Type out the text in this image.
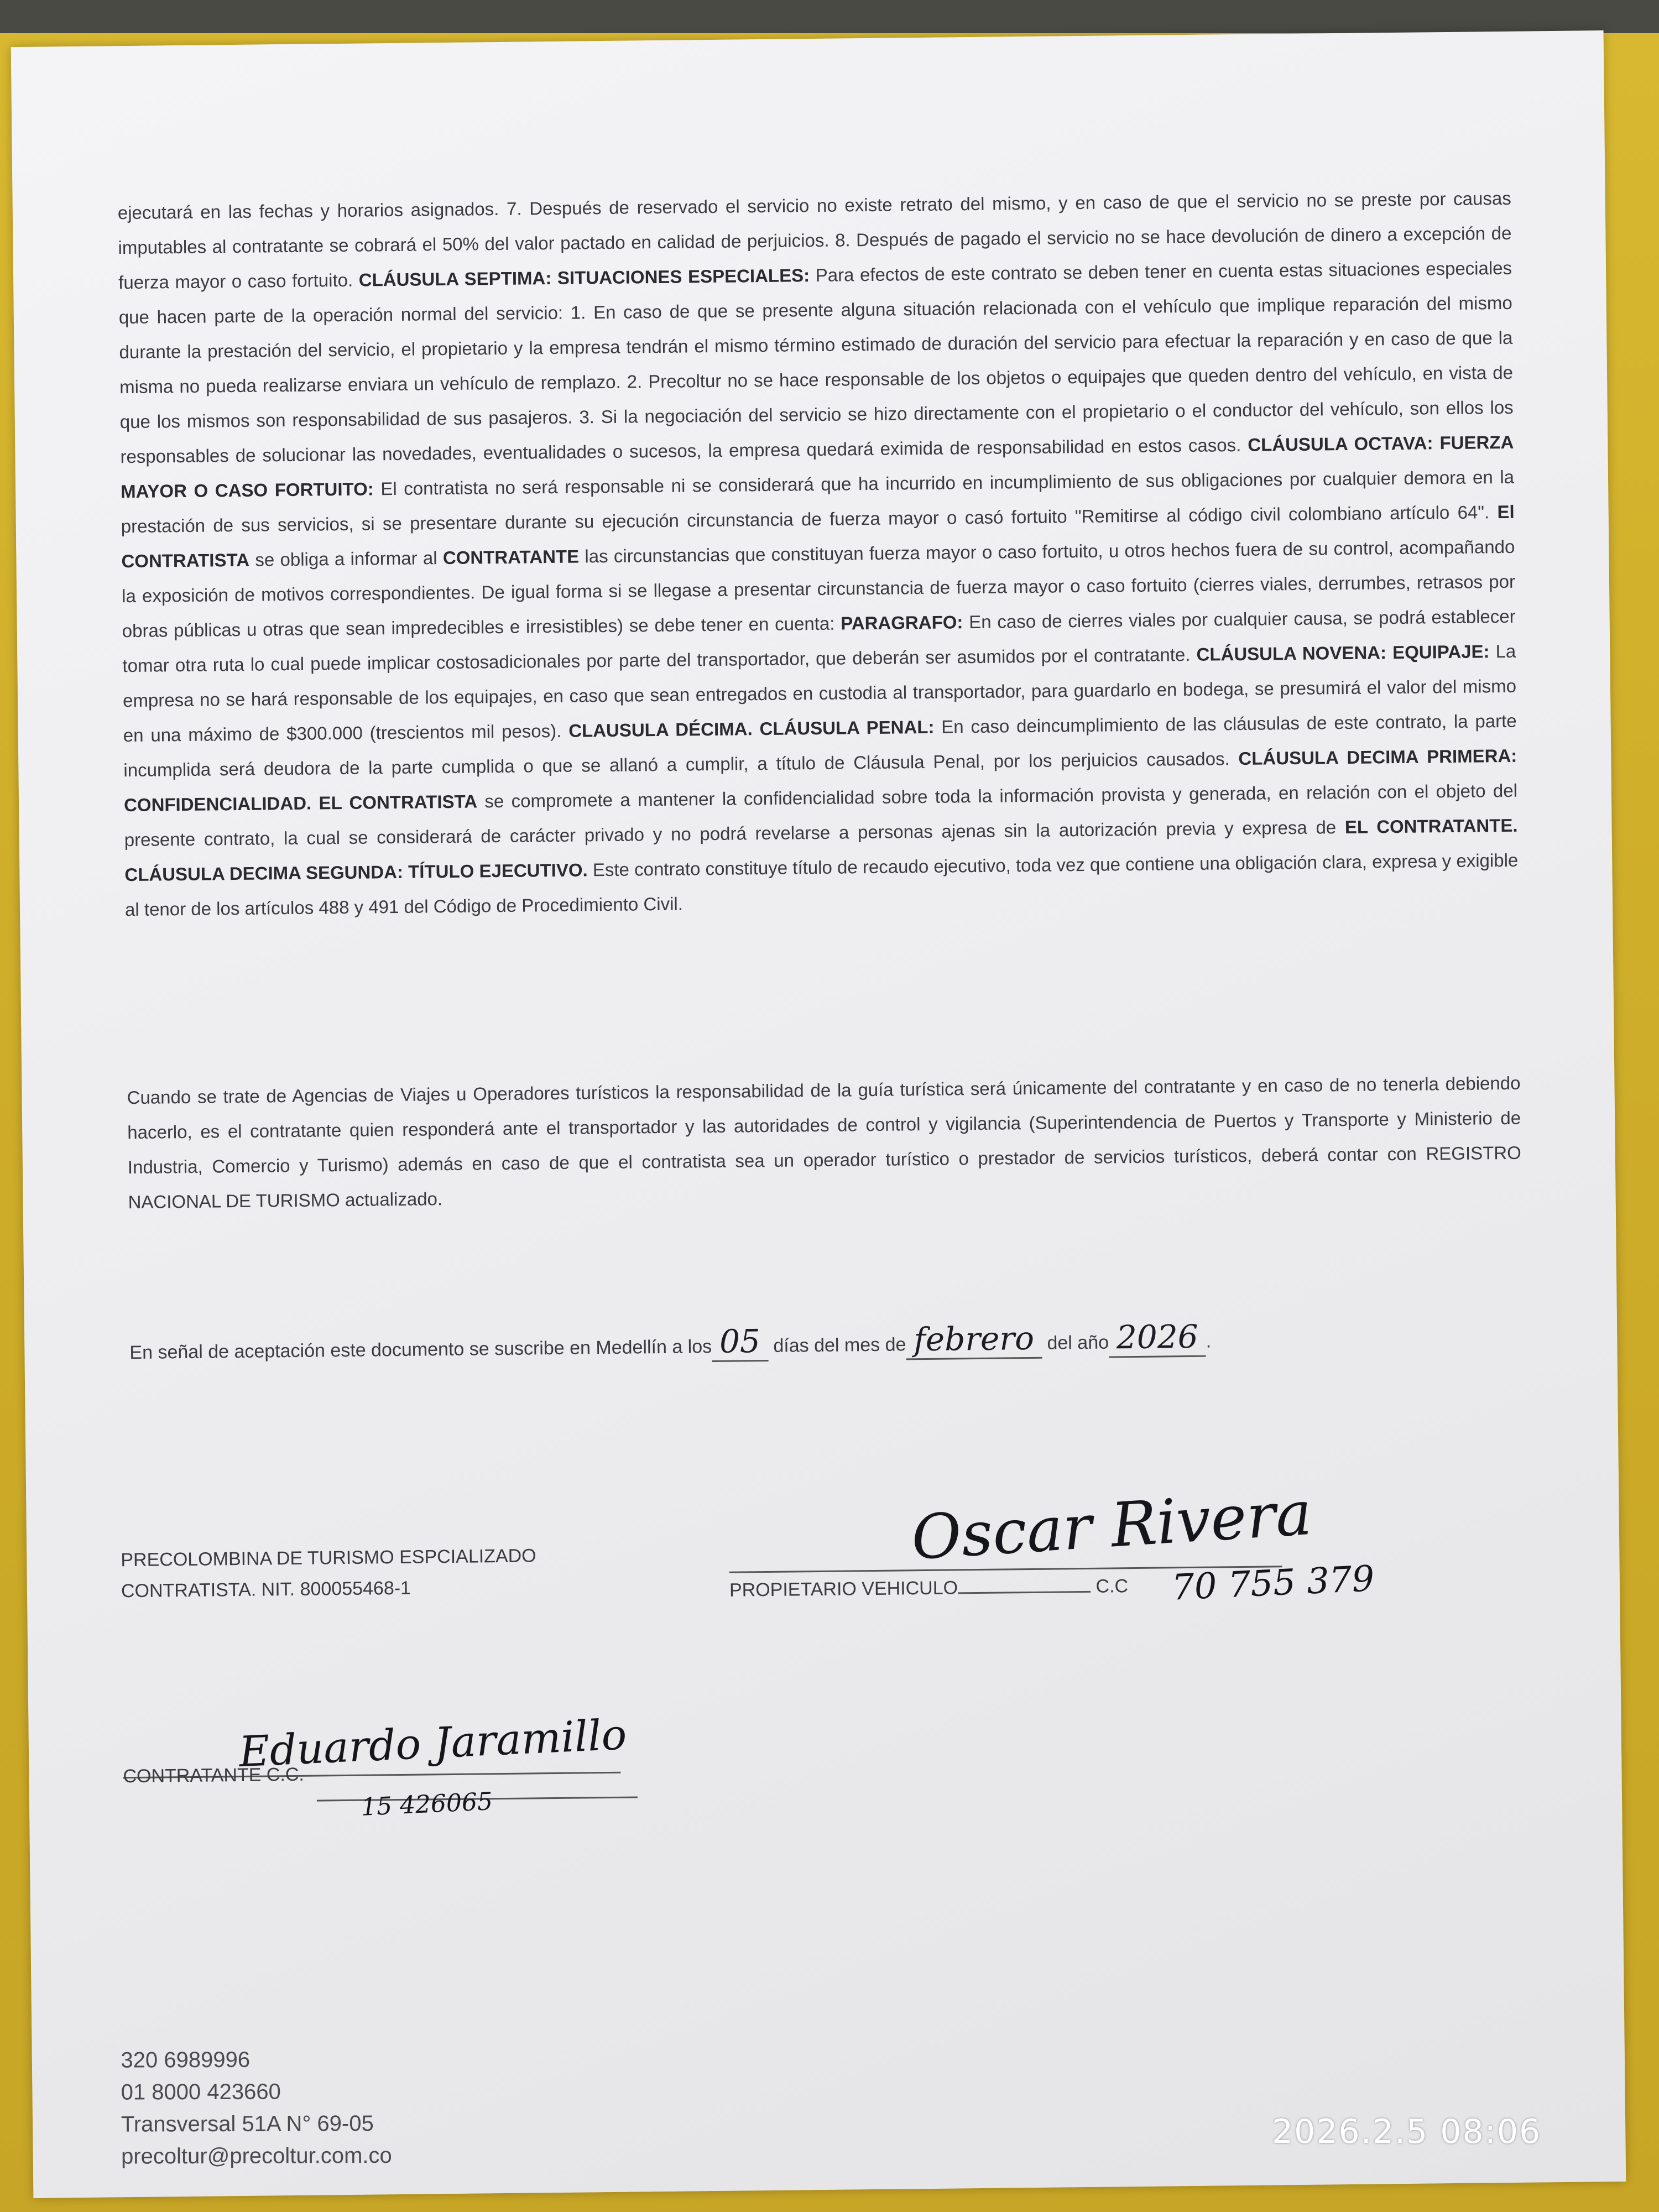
ejecutará en las fechas y horarios asignados. 7. Después de reservado el servicio no existe retrato del mismo, y en caso de que el servicio no se preste por causas imputables al contratante se cobrará el 50% del valor pactado en calidad de perjuicios. 8. Después de pagado el servicio no se hace devolución de dinero a excepción de fuerza mayor o caso fortuito. CLÁUSULA SEPTIMA: SITUACIONES ESPECIALES: Para efectos de este contrato se deben tener en cuenta estas situaciones especiales que hacen parte de la operación normal del servicio: 1. En caso de que se presente alguna situación relacionada con el vehículo que implique reparación del mismo durante la prestación del servicio, el propietario y la empresa tendrán el mismo término estimado de duración del servicio para efectuar la reparación y en caso de que la misma no pueda realizarse enviara un vehículo de remplazo. 2. Precoltur no se hace responsable de los objetos o equipajes que queden dentro del vehículo, en vista de que los mismos son responsabilidad de sus pasajeros. 3. Si la negociación del servicio se hizo directamente con el propietario o el conductor del vehículo, son ellos los responsables de solucionar las novedades, eventualidades o sucesos, la empresa quedará eximida de responsabilidad en estos casos. CLÁUSULA OCTAVA: FUERZA MAYOR O CASO FORTUITO: El contratista no será responsable ni se considerará que ha incurrido en incumplimiento de sus obligaciones por cualquier demora en la prestación de sus servicios, si se presentare durante su ejecución circunstancia de fuerza mayor o casó fortuito "Remitirse al código civil colombiano artículo 64". El CONTRATISTA se obliga a informar al CONTRATANTE las circunstancias que constituyan fuerza mayor o caso fortuito, u otros hechos fuera de su control, acompañando la exposición de motivos correspondientes. De igual forma si se llegase a presentar circunstancia de fuerza mayor o caso fortuito (cierres viales, derrumbes, retrasos por obras públicas u otras que sean impredecibles e irresistibles) se debe tener en cuenta: PARAGRAFO: En caso de cierres viales por cualquier causa, se podrá establecer tomar otra ruta lo cual puede implicar costosadicionales por parte del transportador, que deberán ser asumidos por el contratante. CLÁUSULA NOVENA: EQUIPAJE: La empresa no se hará responsable de los equipajes, en caso que sean entregados en custodia al transportador, para guardarlo en bodega, se presumirá el valor del mismo en una máximo de $300.000 (trescientos mil pesos). CLAUSULA DÉCIMA. CLÁUSULA PENAL: En caso deincumplimiento de las cláusulas de este contrato, la parte incumplida será deudora de la parte cumplida o que se allanó a cumplir, a título de Cláusula Penal, por los perjuicios causados. CLÁUSULA DECIMA PRIMERA: CONFIDENCIALIDAD. EL CONTRATISTA se compromete a mantener la confidencialidad sobre toda la información provista y generada, en relación con el objeto del presente contrato, la cual se considerará de carácter privado y no podrá revelarse a personas ajenas sin la autorización previa y expresa de EL CONTRATANTE. CLÁUSULA DECIMA SEGUNDA: TÍTULO EJECUTIVO. Este contrato constituye título de recaudo ejecutivo, toda vez que contiene una obligación clara, expresa y exigible al tenor de los artículos 488 y 491 del Código de Procedimiento Civil.
Cuando se trate de Agencias de Viajes u Operadores turísticos la responsabilidad de la guía turística será únicamente del contratante y en caso de no tenerla debiendo hacerlo, es el contratante quien responderá ante el transportador y las autoridades de control y vigilancia (Superintendencia de Puertos y Transporte y Ministerio de Industria, Comercio y Turismo) además en caso de que el contratista sea un operador turístico o prestador de servicios turísticos, deberá contar con REGISTRO NACIONAL DE TURISMO actualizado.
En señal de aceptación este documento se suscribe en Medellín a los 05 días del mes de febrero del año 2026 .
PRECOLOMBINA DE TURISMO ESPCIALIZADO
CONTRATISTA. NIT. 800055468-1
Oscar Rivera
PROPIETARIO VEHICULO	C.C 70 755 379
Eduardo Jaramillo
CONTRATANTE C.C.
15 426065
320 6989996
01 8000 423660
Transversal 51A N° 69-05
precoltur@precoltur.com.co
2026.2.5 08:06
